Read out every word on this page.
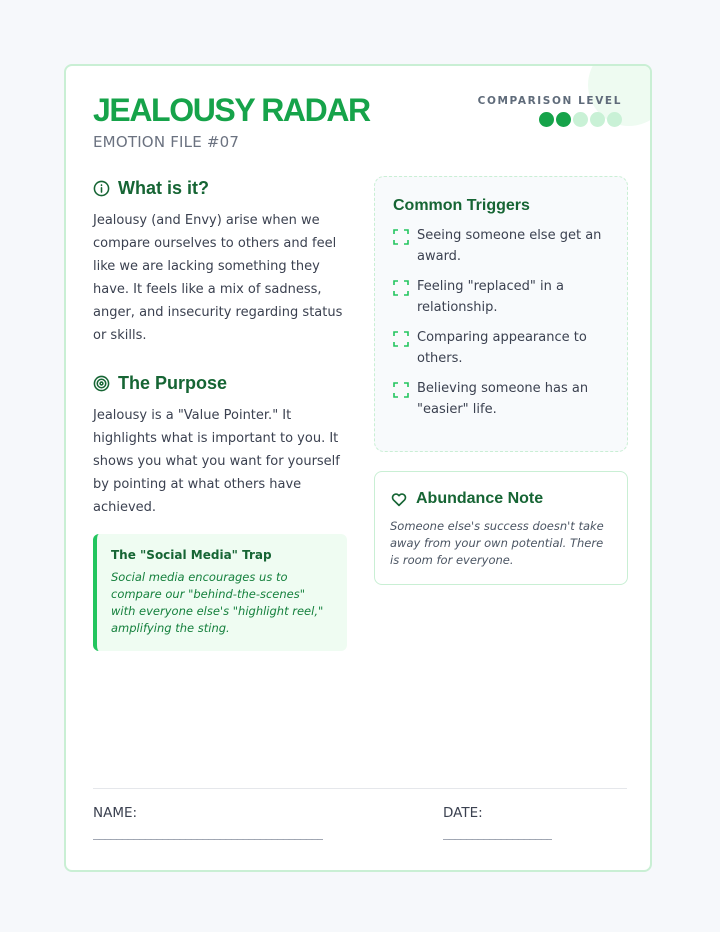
JEALOUSY RADAR
EMOTION FILE #07
COMPARISON LEVEL
What is it?

Jealousy (and Envy) arise when we compare ourselves to others and feel like we are lacking something they have. It feels like a mix of sadness, anger, and insecurity regarding status or skills.

The Purpose

Jealousy is a "Value Pointer." It highlights what is important to you. It shows you what you want for yourself by pointing at what others have achieved.

The "Social Media" Trap
Social media encourages us to compare our "behind-the-scenes" with everyone else's "highlight reel," amplifying the sting.
Common Triggers
Seeing someone else get an award.
Feeling "replaced" in a relationship.
Comparing appearance to others.
Believing someone has an "easier" life.
Abundance Note
Someone else's success doesn't take away from your own potential. There is room for everyone.
NAME:
________________________________________
DATE:
___________________
